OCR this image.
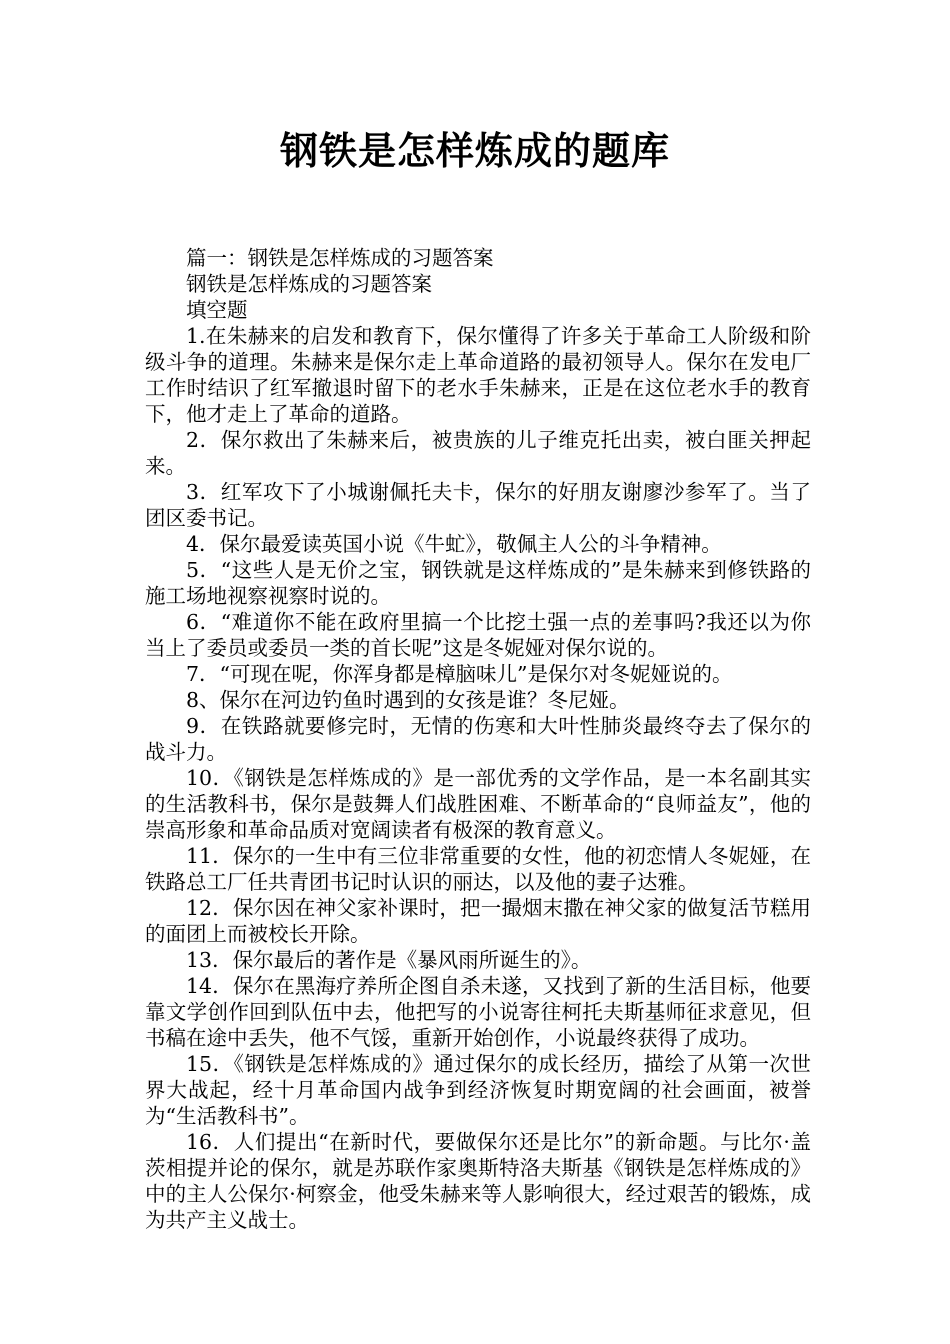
钢铁是怎样炼成的题库

篇一：钢铁是怎样炼成的习题答案

钢铁是怎样炼成的习题答案

填空题

1.在朱赫来的启发和教育下，保尔懂得了许多关于革命工人阶级和阶级斗争的道理。朱赫来是保尔走上革命道路的最初领导人。保尔在发电厂工作时结识了红军撤退时留下的老水手朱赫来，正是在这位老水手的教育下，他才走上了革命的道路。

2．保尔救出了朱赫来后，被贵族的儿子维克托出卖，被白匪关押起来。

3．红军攻下了小城谢佩托夫卡，保尔的好朋友谢廖沙参军了。当了团区委书记。

4．保尔最爱读英国小说《牛虻》，敬佩主人公的斗争精神。

5．“这些人是无价之宝，钢铁就是这样炼成的”是朱赫来到修铁路的施工场地视察视察时说的。

6．“难道你不能在政府里搞一个比挖土强一点的差事吗?我还以为你当上了委员或委员一类的首长呢”这是冬妮娅对保尔说的。

7．“可现在呢，你浑身都是樟脑味儿”是保尔对冬妮娅说的。

8、保尔在河边钓鱼时遇到的女孩是谁？冬尼娅。

9．在铁路就要修完时，无情的伤寒和大叶性肺炎最终夺去了保尔的战斗力。

10．《钢铁是怎样炼成的》是一部优秀的文学作品，是一本名副其实的生活教科书，保尔是鼓舞人们战胜困难、不断革命的“良师益友”，他的崇高形象和革命品质对宽阔读者有极深的教育意义。

11．保尔的一生中有三位非常重要的女性，他的初恋情人冬妮娅，在铁路总工厂任共青团书记时认识的丽达，以及他的妻子达雅。

12．保尔因在神父家补课时，把一撮烟末撒在神父家的做复活节糕用的面团上而被校长开除。

13．保尔最后的著作是《暴风雨所诞生的》。

14．保尔在黑海疗养所企图自杀未遂，又找到了新的生活目标，他要靠文学创作回到队伍中去，他把写的小说寄往柯托夫斯基师征求意见，但书稿在途中丢失，他不气馁，重新开始创作，小说最终获得了成功。

15．《钢铁是怎样炼成的》通过保尔的成长经历，描绘了从第一次世界大战起，经十月革命国内战争到经济恢复时期宽阔的社会画面，被誉为“生活教科书”。

16．人们提出“在新时代，要做保尔还是比尔”的新命题。与比尔·盖茨相提并论的保尔，就是苏联作家奥斯特洛夫斯基《钢铁是怎样炼成的》中的主人公保尔·柯察金，他受朱赫来等人影响很大，经过艰苦的锻炼，成为共产主义战士。
